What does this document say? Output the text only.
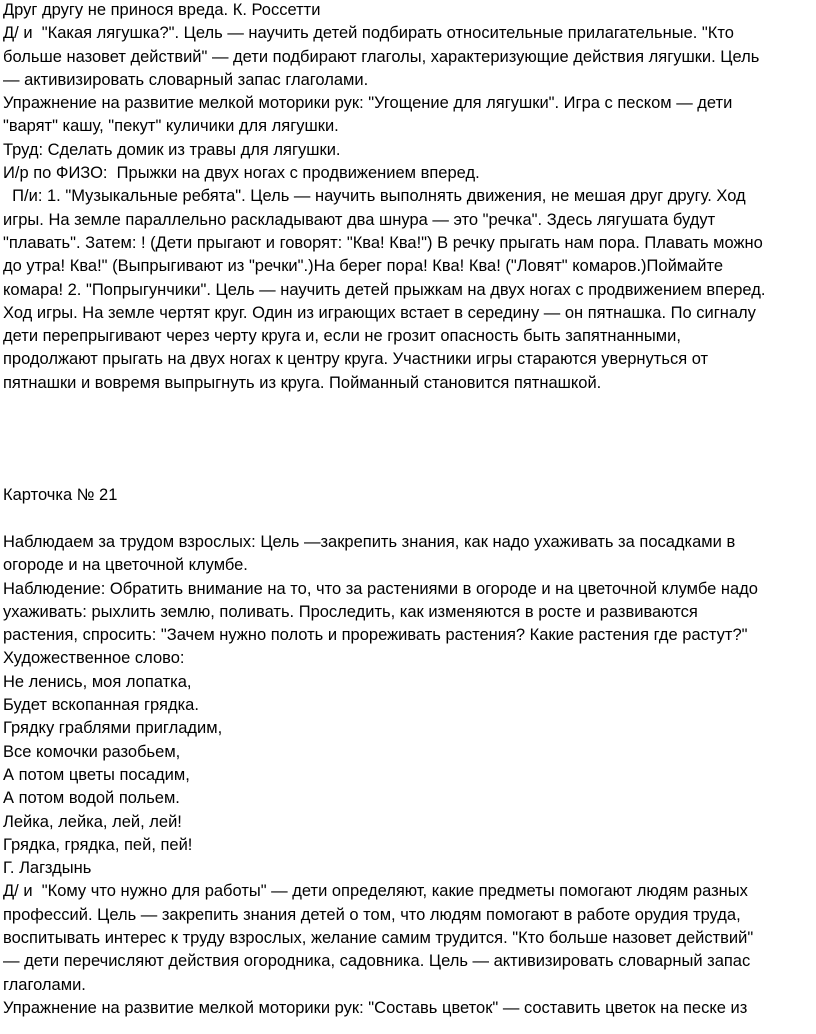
Друг другу не принося вреда. К. Россетти
Д/ и  "Какая лягушка?". Цель — научить детей подбирать относительные прилагательные. "Кто
больше назовет действий" — дети подбирают глаголы, характеризующие действия лягушки. Цель
— активизировать словарный запас глаголами.
Упражнение на развитие мелкой моторики рук: "Угощение для лягушки". Игра с песком — дети
"варят" кашу, "пекут" куличики для лягушки.
Труд: Сделать домик из травы для лягушки.
И/р по ФИЗО:  Прыжки на двух ногах с продвижением вперед.
П/и: 1. "Музыкальные ребята". Цель — научить выполнять движения, не мешая друг другу. Ход
игры. На земле параллельно раскладывают два шнура — это "речка". Здесь лягушата будут
"плавать". Затем: ! (Дети прыгают и говорят: "Ква! Ква!") В речку прыгать нам пора. Плавать можно
до утра! Ква!" (Выпрыгивают из "речки".)На берег пора! Ква! Ква! ("Ловят" комаров.)Поймайте
комара! 2. "Попрыгунчики". Цель — научить детей прыжкам на двух ногах с продвижением вперед.
Ход игры. На земле чертят круг. Один из играющих встает в середину — он пятнашка. По сигналу
дети перепрыгивают через черту круга и, если не грозит опасность быть запятнанными,
продолжают прыгать на двух ногах к центру круга. Участники игры стараются увернуться от
пятнашки и вовремя выпрыгнуть из круга. Пойманный становится пятнашкой.
Карточка № 21
Наблюдаем за трудом взрослых: Цель —закрепить знания, как надо ухаживать за посадками в
огороде и на цветочной клумбе.
Наблюдение: Обратить внимание на то, что за растениями в огороде и на цветочной клумбе надо
ухаживать: рыхлить землю, поливать. Проследить, как изменяются в росте и развиваются
растения, спросить: "Зачем нужно полоть и прореживать растения? Какие растения где растут?"
Художественное слово:
Не ленись, моя лопатка,
Будет вскопанная грядка.
Грядку граблями пригладим,
Все комочки разобьем,
А потом цветы посадим,
А потом водой польем.
Лейка, лейка, лей, лей!
Грядка, грядка, пей, пей!
Г. Лагздынь
Д/ и  "Кому что нужно для работы" — дети определяют, какие предметы помогают людям разных
профессий. Цель — закрепить знания детей о том, что людям помогают в работе орудия труда,
воспитывать интерес к труду взрослых, желание самим трудится. "Кто больше назовет действий"
— дети перечисляют действия огородника, садовника. Цель — активизировать словарный запас
глаголами.
Упражнение на развитие мелкой моторики рук: "Составь цветок" — составить цветок на песке из
